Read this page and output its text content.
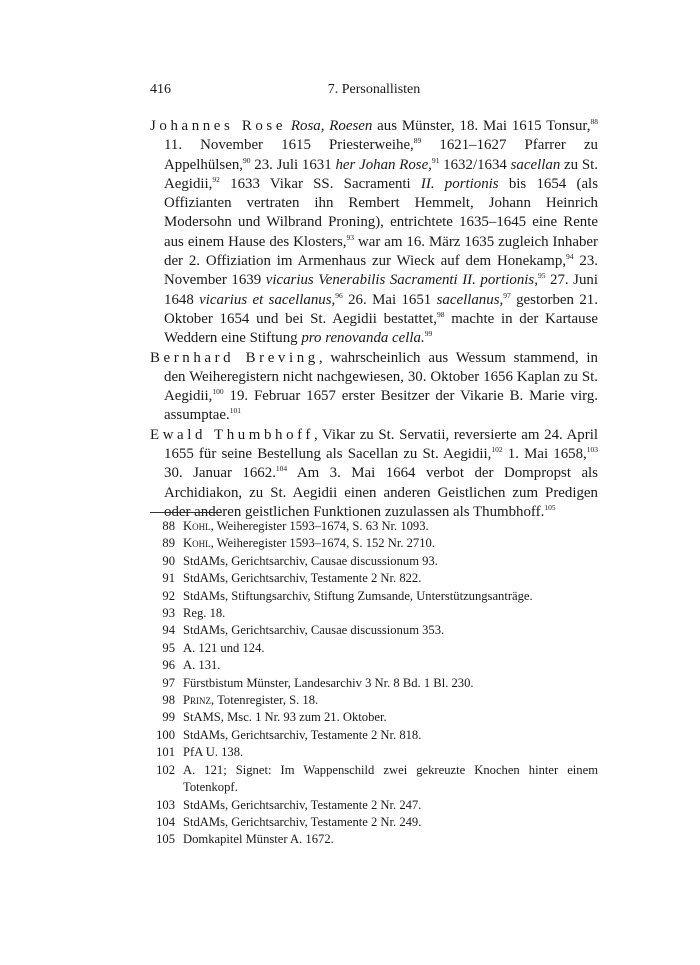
416	7. Personallisten

Johannes Rose Rosa, Roesen aus Münster, 18. Mai 1615 Tonsur,$^{88}$ 11. November 1615 Priesterweihe,$^{89}$ 1621–1627 Pfarrer zu Appelhülsen,$^{90}$ 23. Juli 1631 her Johan Rose,$^{91}$ 1632/1634 sacellan zu St. Aegidii,$^{92}$ 1633 Vikar SS. Sacramenti II. portionis bis 1654 (als Offizianten vertraten ihn Rembert Hemmelt, Johann Heinrich Modersohn und Wilbrand Proning), entrichtete 1635–1645 eine Rente aus einem Hause des Klosters,$^{93}$ war am 16. März 1635 zugleich Inhaber der 2. Offiziation im Armenhaus zur Wieck auf dem Honekamp,$^{94}$ 23. November 1639 vicarius Venerabilis Sacramenti II. portionis,$^{95}$ 27. Juni 1648 vicarius et sacellanus,$^{96}$ 26. Mai 1651 sacellanus,$^{97}$ gestorben 21. Oktober 1654 und bei St. Aegidii bestattet,$^{98}$ machte in der Kartause Weddern eine Stiftung pro renovanda cella.$^{99}$

Bernhard Breving, wahrscheinlich aus Wessum stammend, in den Weiheregistern nicht nachgewiesen, 30. Oktober 1656 Kaplan zu St. Aegidii,$^{100}$ 19. Februar 1657 erster Besitzer der Vikarie B. Marie virg. assumptae.$^{101}$

Ewald Thumbhoff, Vikar zu St. Servatii, reversierte am 24. April 1655 für seine Bestellung als Sacellan zu St. Aegidii,$^{102}$ 1. Mai 1658,$^{103}$ 30. Januar 1662.$^{104}$ Am 3. Mai 1664 verbot der Dompropst als Archidiakon, zu St. Aegidii einen anderen Geistlichen zum Predigen oder anderen geistlichen Funktionen zuzulassen als Thumbhoff.$^{105}$

88 Kohl, Weiheregister 1593–1674, S. 63 Nr. 1093.
89 Kohl, Weiheregister 1593–1674, S. 152 Nr. 2710.
90 StdAMs, Gerichtsarchiv, Causae discussionum 93.
91 StdAMs, Gerichtsarchiv, Testamente 2 Nr. 822.
92 StdAMs, Stiftungsarchiv, Stiftung Zumsande, Unterstützungsanträge.
93 Reg. 18.
94 StdAMs, Gerichtsarchiv, Causae discussionum 353.
95 A. 121 und 124.
96 A. 131.
97 Fürstbistum Münster, Landesarchiv 3 Nr. 8 Bd. 1 Bl. 230.
98 Prinz, Totenregister, S. 18.
99 StAMS, Msc. 1 Nr. 93 zum 21. Oktober.
100 StdAMs, Gerichtsarchiv, Testamente 2 Nr. 818.
101 PfA U. 138.
102 A. 121; Signet: Im Wappenschild zwei gekreuzte Knochen hinter einem Totenkopf.
103 StdAMs, Gerichtsarchiv, Testamente 2 Nr. 247.
104 StdAMs, Gerichtsarchiv, Testamente 2 Nr. 249.
105 Domkapitel Münster A. 1672.
